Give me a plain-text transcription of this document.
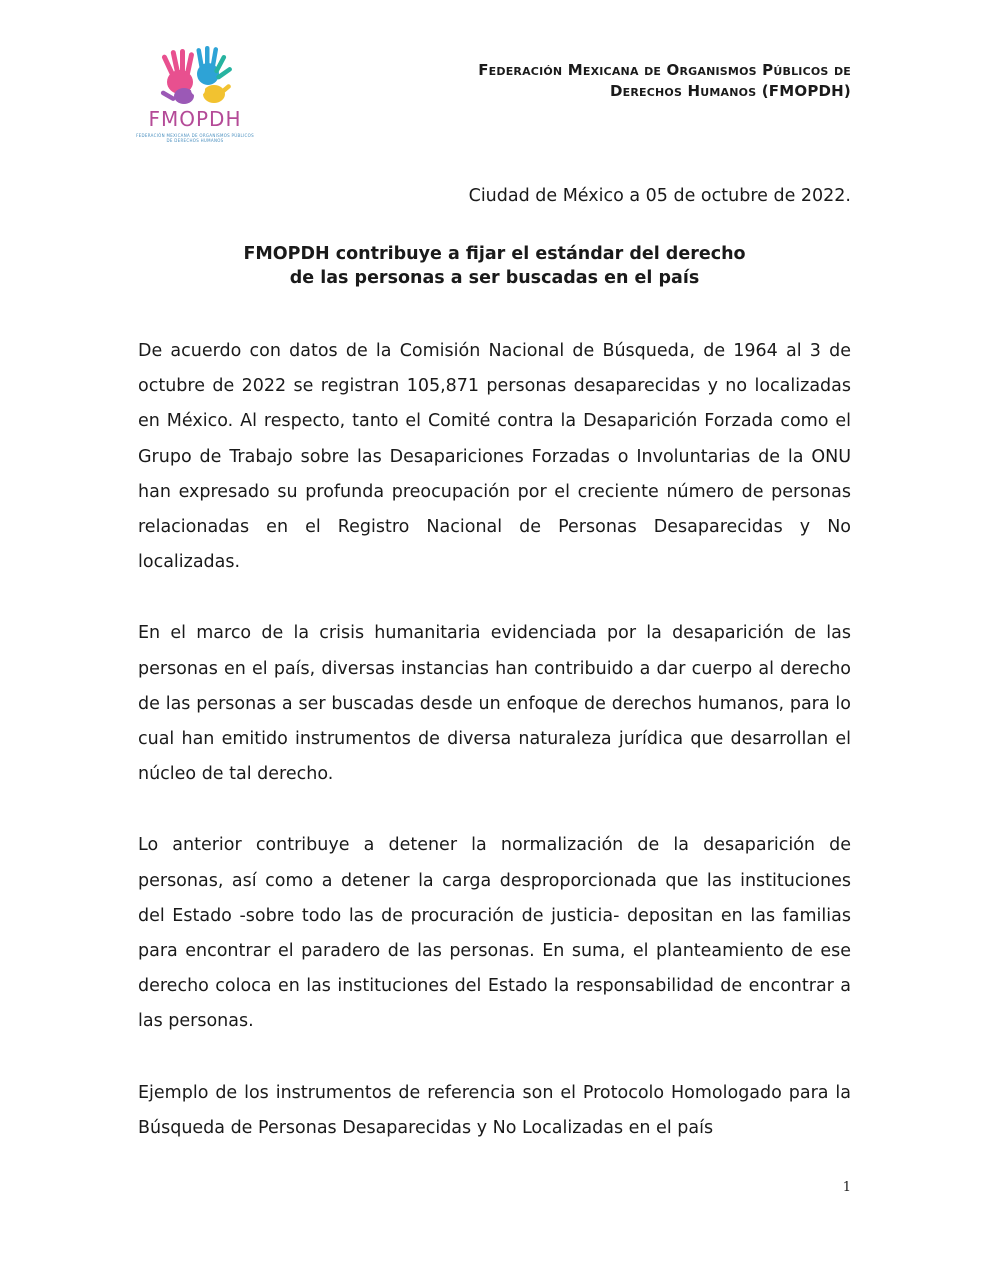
FMOPDH
FEDERACIÓN MEXICANA DE ORGANISMOS PÚBLICOS DE DERECHOS HUMANOS
Federación Mexicana de Organismos Públicos de
Derechos Humanos (FMOPDH)
Ciudad de México a 05 de octubre de 2022.
FMOPDH contribuye a fijar el estándar del derecho
de las personas a ser buscadas en el país

De acuerdo con datos de la Comisión Nacional de Búsqueda, de 1964 al 3 de octubre de 2022 se registran 105,871 personas desaparecidas y no localizadas en México. Al respecto, tanto el Comité contra la Desaparición Forzada como el Grupo de Trabajo sobre las Desapariciones Forzadas o Involuntarias de la ONU han expresado su profunda preocupación por el creciente número de personas relacionadas en el Registro Nacional de Personas Desaparecidas y No localizadas.

En el marco de la crisis humanitaria evidenciada por la desaparición de las personas en el país, diversas instancias han contribuido a dar cuerpo al derecho de las personas a ser buscadas desde un enfoque de derechos humanos, para lo cual han emitido instrumentos de diversa naturaleza jurídica que desarrollan el núcleo de tal derecho.

Lo anterior contribuye a detener la normalización de la desaparición de personas, así como a detener la carga desproporcionada que las instituciones del Estado -sobre todo las de procuración de justicia- depositan en las familias para encontrar el paradero de las personas. En suma, el planteamiento de ese derecho coloca en las instituciones del Estado la responsabilidad de encontrar a las personas.

Ejemplo de los instrumentos de referencia son el Protocolo Homologado para la Búsqueda de Personas Desaparecidas y No Localizadas en el país

1
